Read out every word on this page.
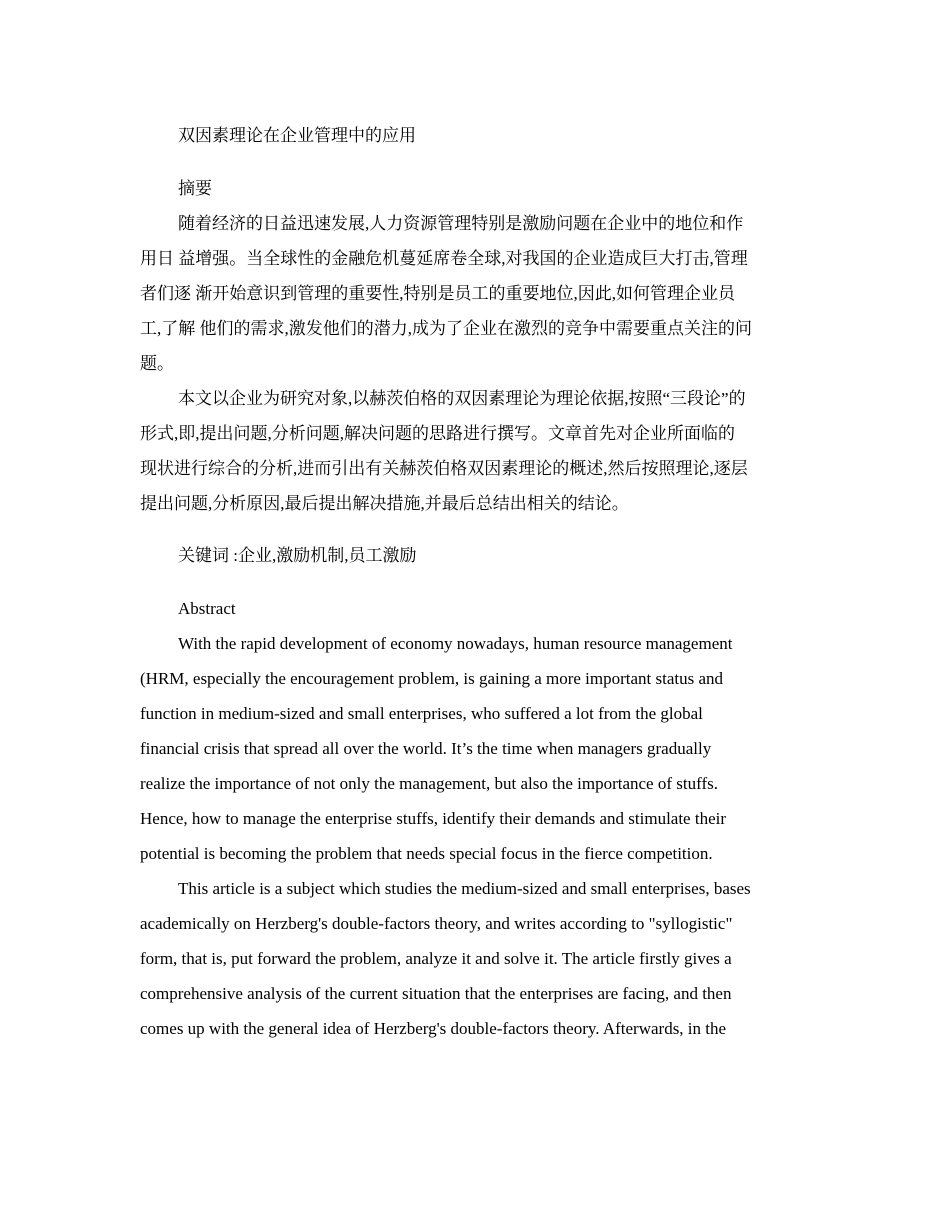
双因素理论在企业管理中的应用

摘要

随着经济的日益迅速发展,人力资源管理特别是激励问题在企业中的地位和作
用日 益增强。当全球性的金融危机蔓延席卷全球,对我国的企业造成巨大打击,管理
者们逐 渐开始意识到管理的重要性,特别是员工的重要地位,因此,如何管理企业员
工,了解 他们的需求,激发他们的潜力,成为了企业在激烈的竞争中需要重点关注的问
题。
本文以企业为研究对象,以赫茨伯格的双因素理论为理论依据,按照“三段论”的
形式,即,提出问题,分析问题,解决问题的思路进行撰写。文章首先对企业所面临的
现状进行综合的分析,进而引出有关赫茨伯格双因素理论的概述,然后按照理论,逐层
提出问题,分析原因,最后提出解决措施,并最后总结出相关的结论。

关键词 :企业,激励机制,员工激励

Abstract

With the rapid development of economy nowadays, human resource management
(HRM, especially the encouragement problem, is gaining a more important status and
function in medium-sized and small enterprises, who suffered a lot from the global
financial crisis that spread all over the world. It’s the time when managers gradually
realize the importance of not only the management, but also the importance of stuffs.
Hence, how to manage the enterprise stuffs, identify their demands and stimulate their
potential is becoming the problem that needs special focus in the fierce competition.
This article is a subject which studies the medium-sized and small enterprises, bases
academically on Herzberg's double-factors theory, and writes according to "syllogistic"
form, that is, put forward the problem, analyze it and solve it. The article firstly gives a
comprehensive analysis of the current situation that the enterprises are facing, and then
comes up with the general idea of Herzberg's double-factors theory. Afterwards, in the
